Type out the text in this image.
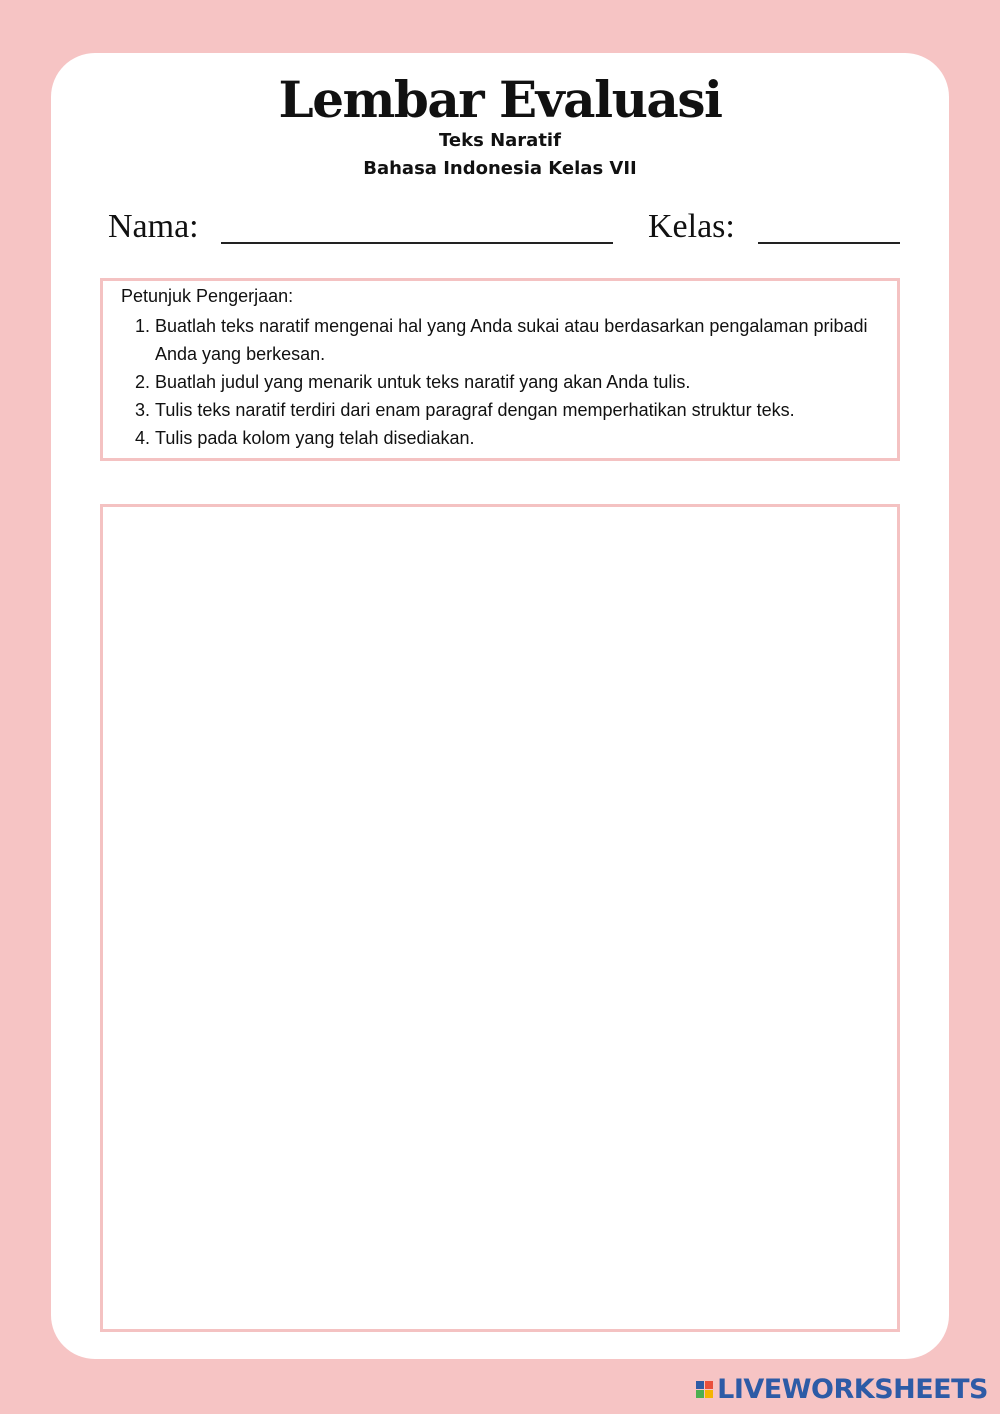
Lembar Evaluasi
Teks Naratif
Bahasa Indonesia Kelas VII
Nama:	Kelas:
Petunjuk Pengerjaan:
1. Buatlah teks naratif mengenai hal yang Anda sukai atau berdasarkan pengalaman pribadi Anda yang berkesan.
2. Buatlah judul yang menarik untuk teks naratif yang akan Anda tulis.
3. Tulis teks naratif terdiri dari enam paragraf dengan memperhatikan struktur teks.
4. Tulis pada kolom yang telah disediakan.
LIVEWORKSHEETS
